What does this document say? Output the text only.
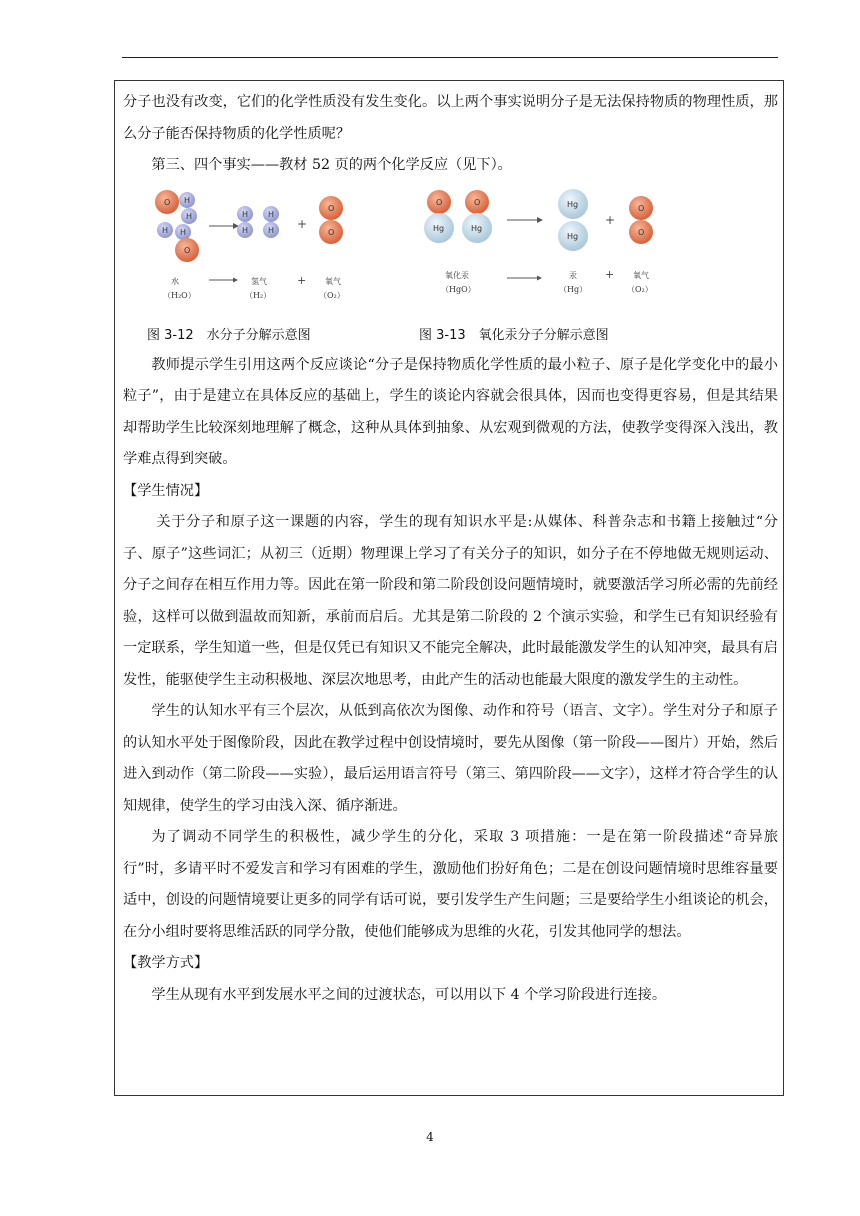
分子也没有改变，它们的化学性质没有发生变化。以上两个事实说明分子是无法保持物质的物理性质，那么分子能否保持物质的化学性质呢？

第三、四个事实——教材 52 页的两个化学反应（见下）。

O H
H
H
H
O
H
H
H
H +
O
O
水
（H₂O）
氢气
（H₂）
+ 氧气
（O₂）
图 3-12　水分子分解示意图
O	O
Hg	Hg
Hg
Hg
+
O
O
氧化汞
（HgO）
汞
（Hg）
+ 氧气
（O₂）
图 3-13　氧化汞分子分解示意图

教师提示学生引用这两个反应谈论“分子是保持物质化学性质的最小粒子、原子是化学变化中的最小粒子”，由于是建立在具体反应的基础上，学生的谈论内容就会很具体，因而也变得更容易，但是其结果却帮助学生比较深刻地理解了概念，这种从具体到抽象、从宏观到微观的方法，使教学变得深入浅出，教学难点得到突破。

【学生情况】

关于分子和原子这一课题的内容，学生的现有知识水平是:从媒体、科普杂志和书籍上接触过“分子、原子”这些词汇；从初三（近期）物理课上学习了有关分子的知识，如分子在不停地做无规则运动、分子之间存在相互作用力等。因此在第一阶段和第二阶段创设问题情境时，就要激活学习所必需的先前经验，这样可以做到温故而知新，承前而启后。尤其是第二阶段的 2 个演示实验，和学生已有知识经验有一定联系，学生知道一些，但是仅凭已有知识又不能完全解决，此时最能激发学生的认知冲突，最具有启发性，能驱使学生主动积极地、深层次地思考，由此产生的活动也能最大限度的激发学生的主动性。

学生的认知水平有三个层次，从低到高依次为图像、动作和符号（语言、文字）。学生对分子和原子的认知水平处于图像阶段，因此在教学过程中创设情境时，要先从图像（第一阶段——图片）开始，然后进入到动作（第二阶段——实验），最后运用语言符号（第三、第四阶段——文字），这样才符合学生的认知规律，使学生的学习由浅入深、循序渐进。

为了调动不同学生的积极性，减少学生的分化，采取 3 项措施：一是在第一阶段描述“奇异旅行”时，多请平时不爱发言和学习有困难的学生，激励他们扮好角色；二是在创设问题情境时思维容量要适中，创设的问题情境要让更多的同学有话可说，要引发学生产生问题；三是要给学生小组谈论的机会，在分小组时要将思维活跃的同学分散，使他们能够成为思维的火花，引发其他同学的想法。

【教学方式】

学生从现有水平到发展水平之间的过渡状态，可以用以下 4 个学习阶段进行连接。

4
